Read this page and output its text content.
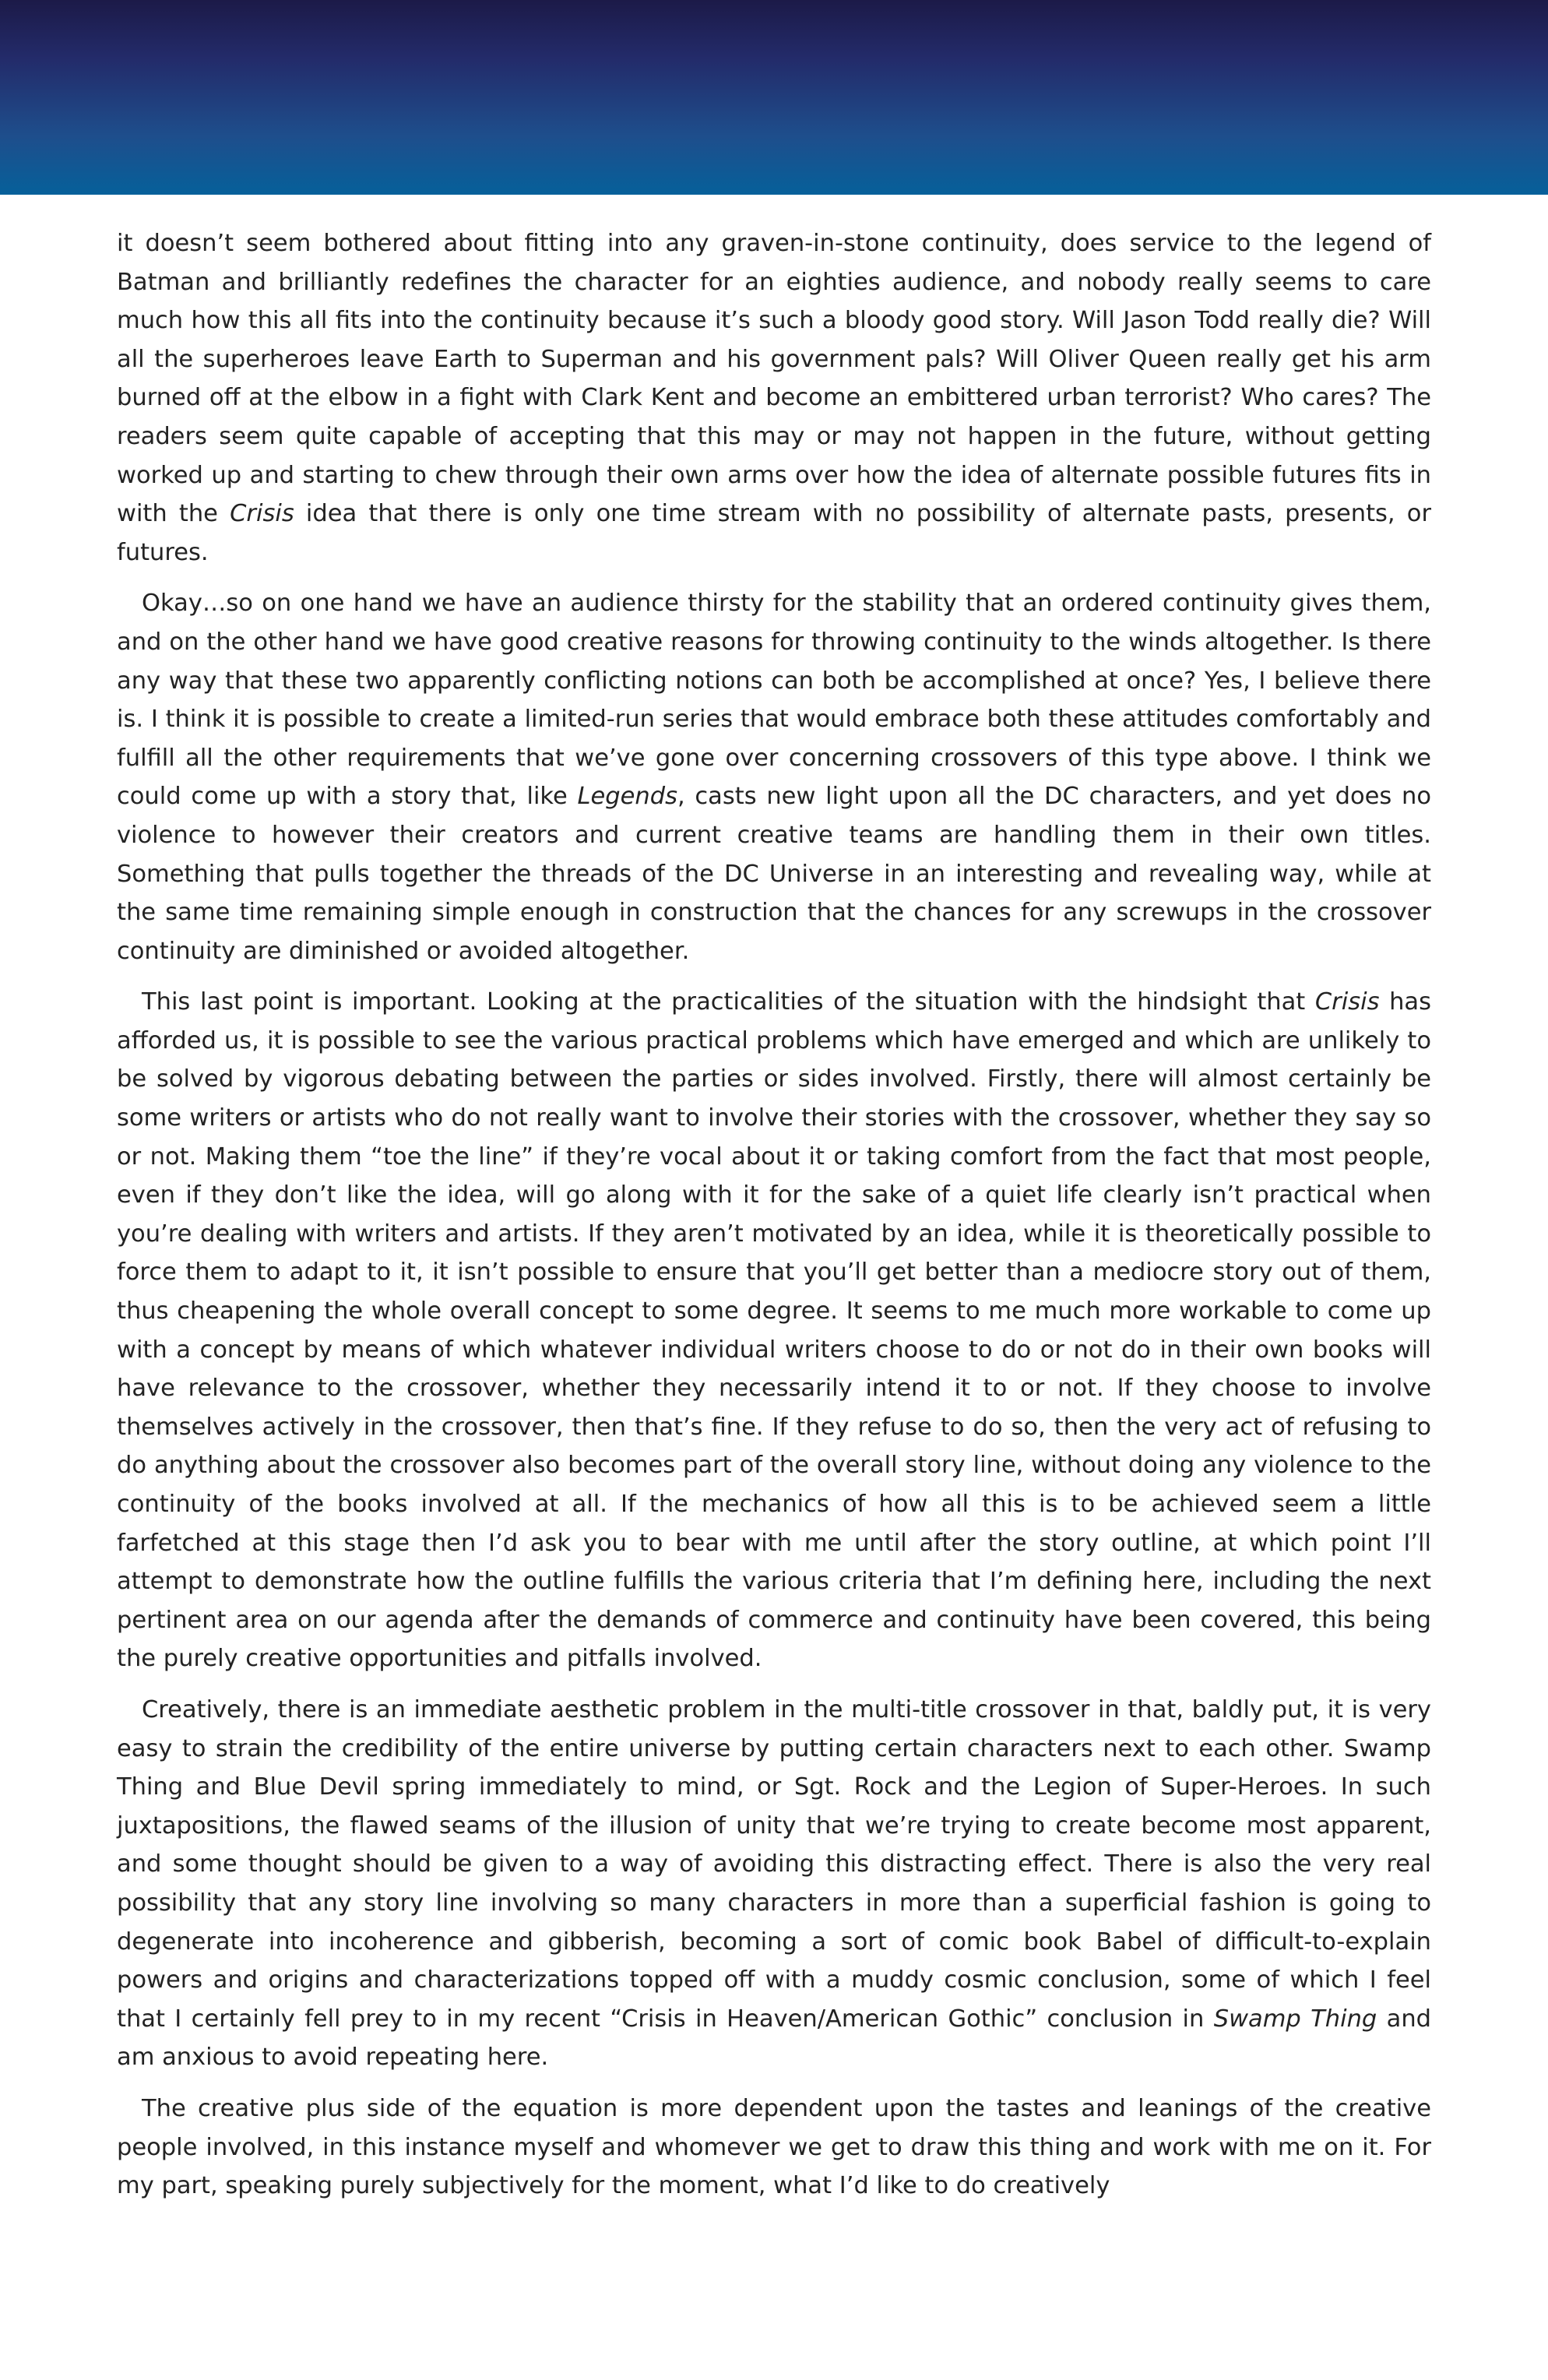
it doesn’t seem bothered about fitting into any graven-in-stone continuity, does service to the legend of Batman and brilliantly redefines the character for an eighties audience, and nobody really seems to care much how this all fits into the continuity because it’s such a bloody good story. Will Jason Todd really die? Will all the superheroes leave Earth to Superman and his government pals? Will Oliver Queen really get his arm burned off at the elbow in a fight with Clark Kent and become an embittered urban terrorist? Who cares? The readers seem quite capable of accepting that this may or may not happen in the future, without getting worked up and starting to chew through their own arms over how the idea of alternate possible futures fits in with the Crisis idea that there is only one time stream with no possibility of alternate pasts, presents, or futures.

Okay…so on one hand we have an audience thirsty for the stability that an ordered continuity gives them, and on the other hand we have good creative reasons for throwing continuity to the winds altogether. Is there any way that these two apparently conflicting notions can both be accomplished at once? Yes, I believe there is. I think it is possible to create a limited-run series that would embrace both these attitudes comfortably and fulfill all the other requirements that we’ve gone over concerning crossovers of this type above. I think we could come up with a story that, like Legends, casts new light upon all the DC characters, and yet does no violence to however their creators and current creative teams are handling them in their own titles. Something that pulls together the threads of the DC Universe in an interesting and revealing way, while at the same time remaining simple enough in construction that the chances for any screwups in the crossover continuity are diminished or avoided altogether.

This last point is important. Looking at the practicalities of the situation with the hindsight that Crisis has afforded us, it is possible to see the various practical problems which have emerged and which are unlikely to be solved by vigorous debating between the parties or sides involved. Firstly, there will almost certainly be some writers or artists who do not really want to involve their stories with the crossover, whether they say so or not. Making them “toe the line” if they’re vocal about it or taking comfort from the fact that most people, even if they don’t like the idea, will go along with it for the sake of a quiet life clearly isn’t practical when you’re dealing with writers and artists. If they aren’t motivated by an idea, while it is theoretically possible to force them to adapt to it, it isn’t possible to ensure that you’ll get better than a mediocre story out of them, thus cheapening the whole overall concept to some degree. It seems to me much more workable to come up with a concept by means of which whatever individual writers choose to do or not do in their own books will have relevance to the crossover, whether they necessarily intend it to or not. If they choose to involve themselves actively in the crossover, then that’s fine. If they refuse to do so, then the very act of refusing to do anything about the crossover also becomes part of the overall story line, without doing any violence to the continuity of the books involved at all. If the mechanics of how all this is to be achieved seem a little farfetched at this stage then I’d ask you to bear with me until after the story outline, at which point I’ll attempt to demonstrate how the outline fulfills the various criteria that I’m defining here, including the next pertinent area on our agenda after the demands of commerce and continuity have been covered, this being the purely creative opportunities and pitfalls involved.

Creatively, there is an immediate aesthetic problem in the multi-title crossover in that, baldly put, it is very easy to strain the credibility of the entire universe by putting certain characters next to each other. Swamp Thing and Blue Devil spring immediately to mind, or Sgt. Rock and the Legion of Super-Heroes. In such juxtapositions, the flawed seams of the illusion of unity that we’re trying to create become most apparent, and some thought should be given to a way of avoiding this distracting effect. There is also the very real possibility that any story line involving so many characters in more than a superficial fashion is going to degenerate into incoherence and gibberish, becoming a sort of comic book Babel of difficult-to-explain powers and origins and characterizations topped off with a muddy cosmic conclusion, some of which I feel that I certainly fell prey to in my recent “Crisis in Heaven/American Gothic” conclusion in Swamp Thing and am anxious to avoid repeating here.

The creative plus side of the equation is more dependent upon the tastes and leanings of the creative people involved, in this instance myself and whomever we get to draw this thing and work with me on it. For my part, speaking purely subjectively for the moment, what I’d like to do creatively
